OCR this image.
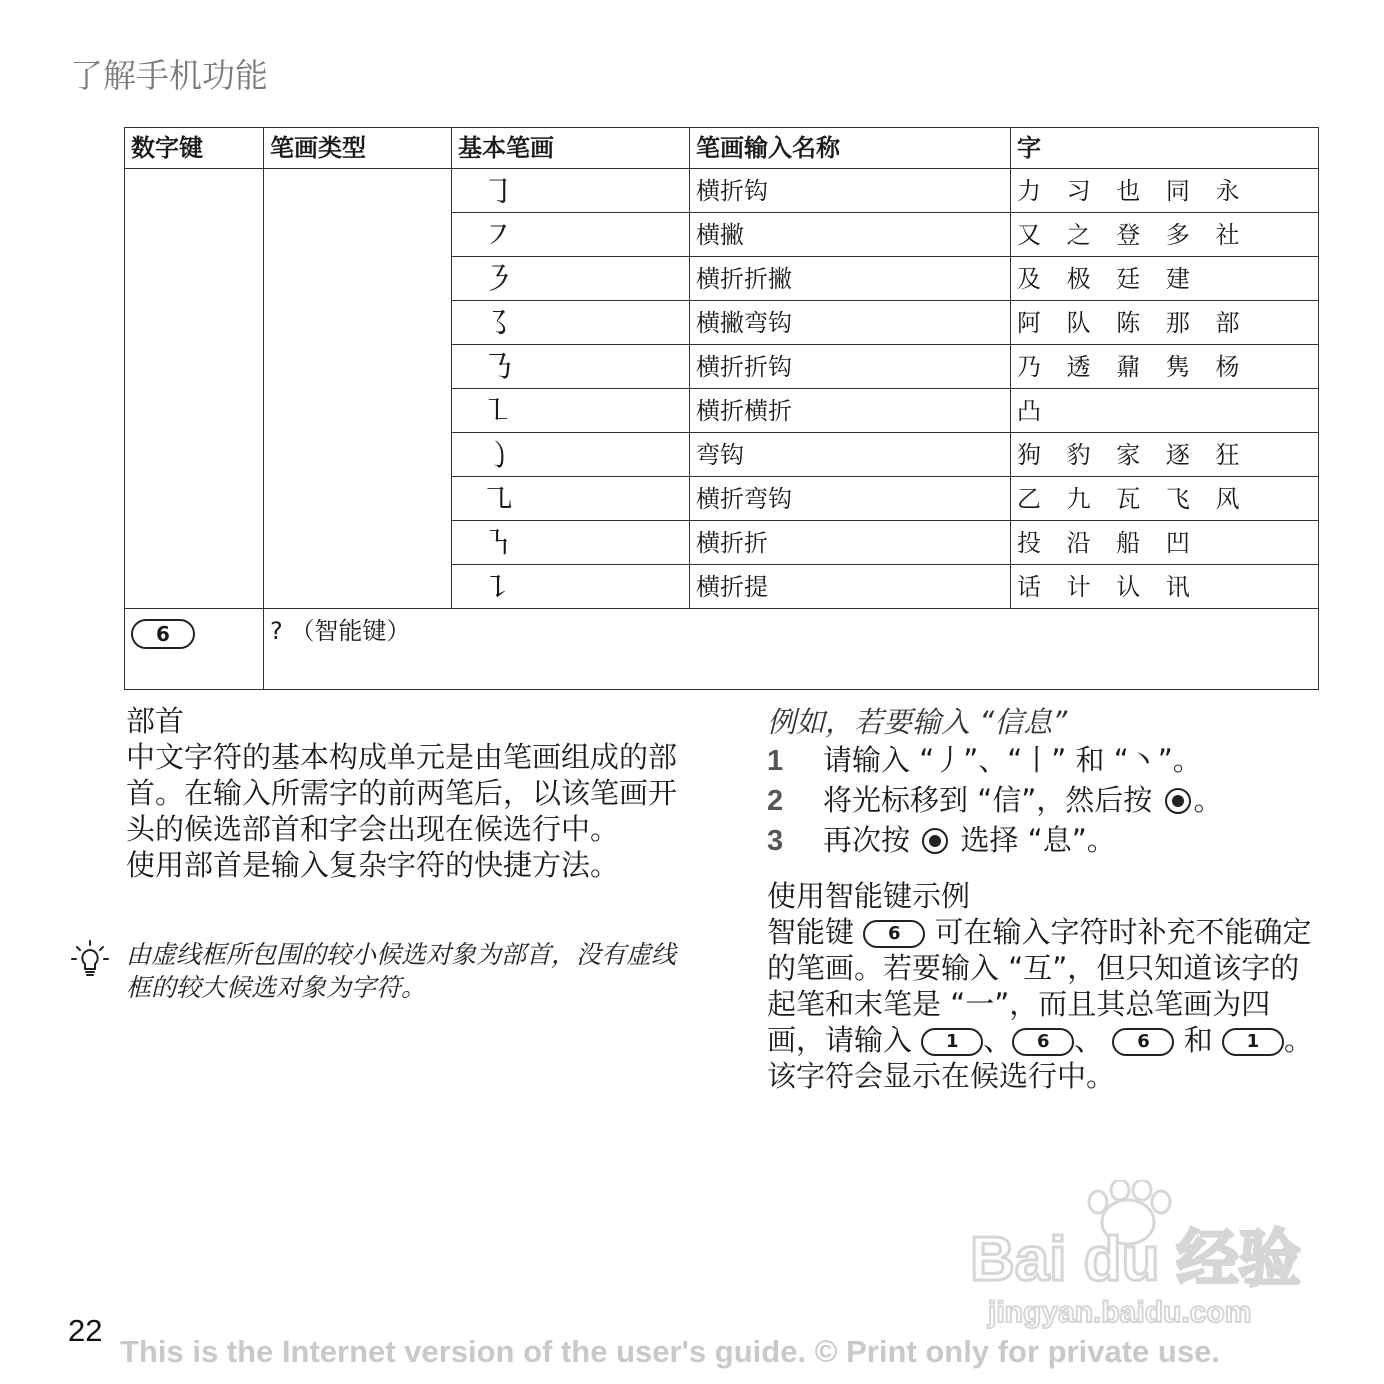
了解手机功能
数字键	笔画类型	基本笔画	笔画输入名称	字
		㇆	横折钩	力 习 也 同 永
		㇇	横撇	又 之 登 多 社
		㇋	横折折撇	及 极 廷 建
		㇌	横撇弯钩	阿 队 陈 那 部
		㇡	横折折钩	乃 透 鼐 隽 杨
		㇅	横折横折	凸
		㇁	弯钩	狗 豹 家 逐 狂
		㇈	横折弯钩	乙 九 瓦 飞 风
		㇎	横折折	投 沿 船 凹
		㇊	横折提	话 计 认 讯
6	? （智能键）			

部首

中文字符的基本构成单元是由笔画组成的部首。在输入所需字的前两笔后，以该笔画开头的候选部首和字会出现在候选行中。

使用部首是输入复杂字符的快捷方法。

由虚线框所包围的较小候选对象为部首，没有虚线框的较大候选对象为字符。

例如，若要输入 “信息”
1 请输入 “丿”、“丨” 和 “丶”。
2 将光标移到 “信”，然后按 。
3 再次按 选择 “息”。

使用智能键示例

智能键 6 可在输入字符时补充不能确定的笔画。若要输入 “互”，但只知道该字的起笔和末笔是 “一”，而且其总笔画为四画，请输入 1 、 6 、 6 和 1 。该字符会显示在候选行中。

Bai du 经验
jingyan.baidu.com
22
This is the Internet version of the user's guide. © Print only for private use.
